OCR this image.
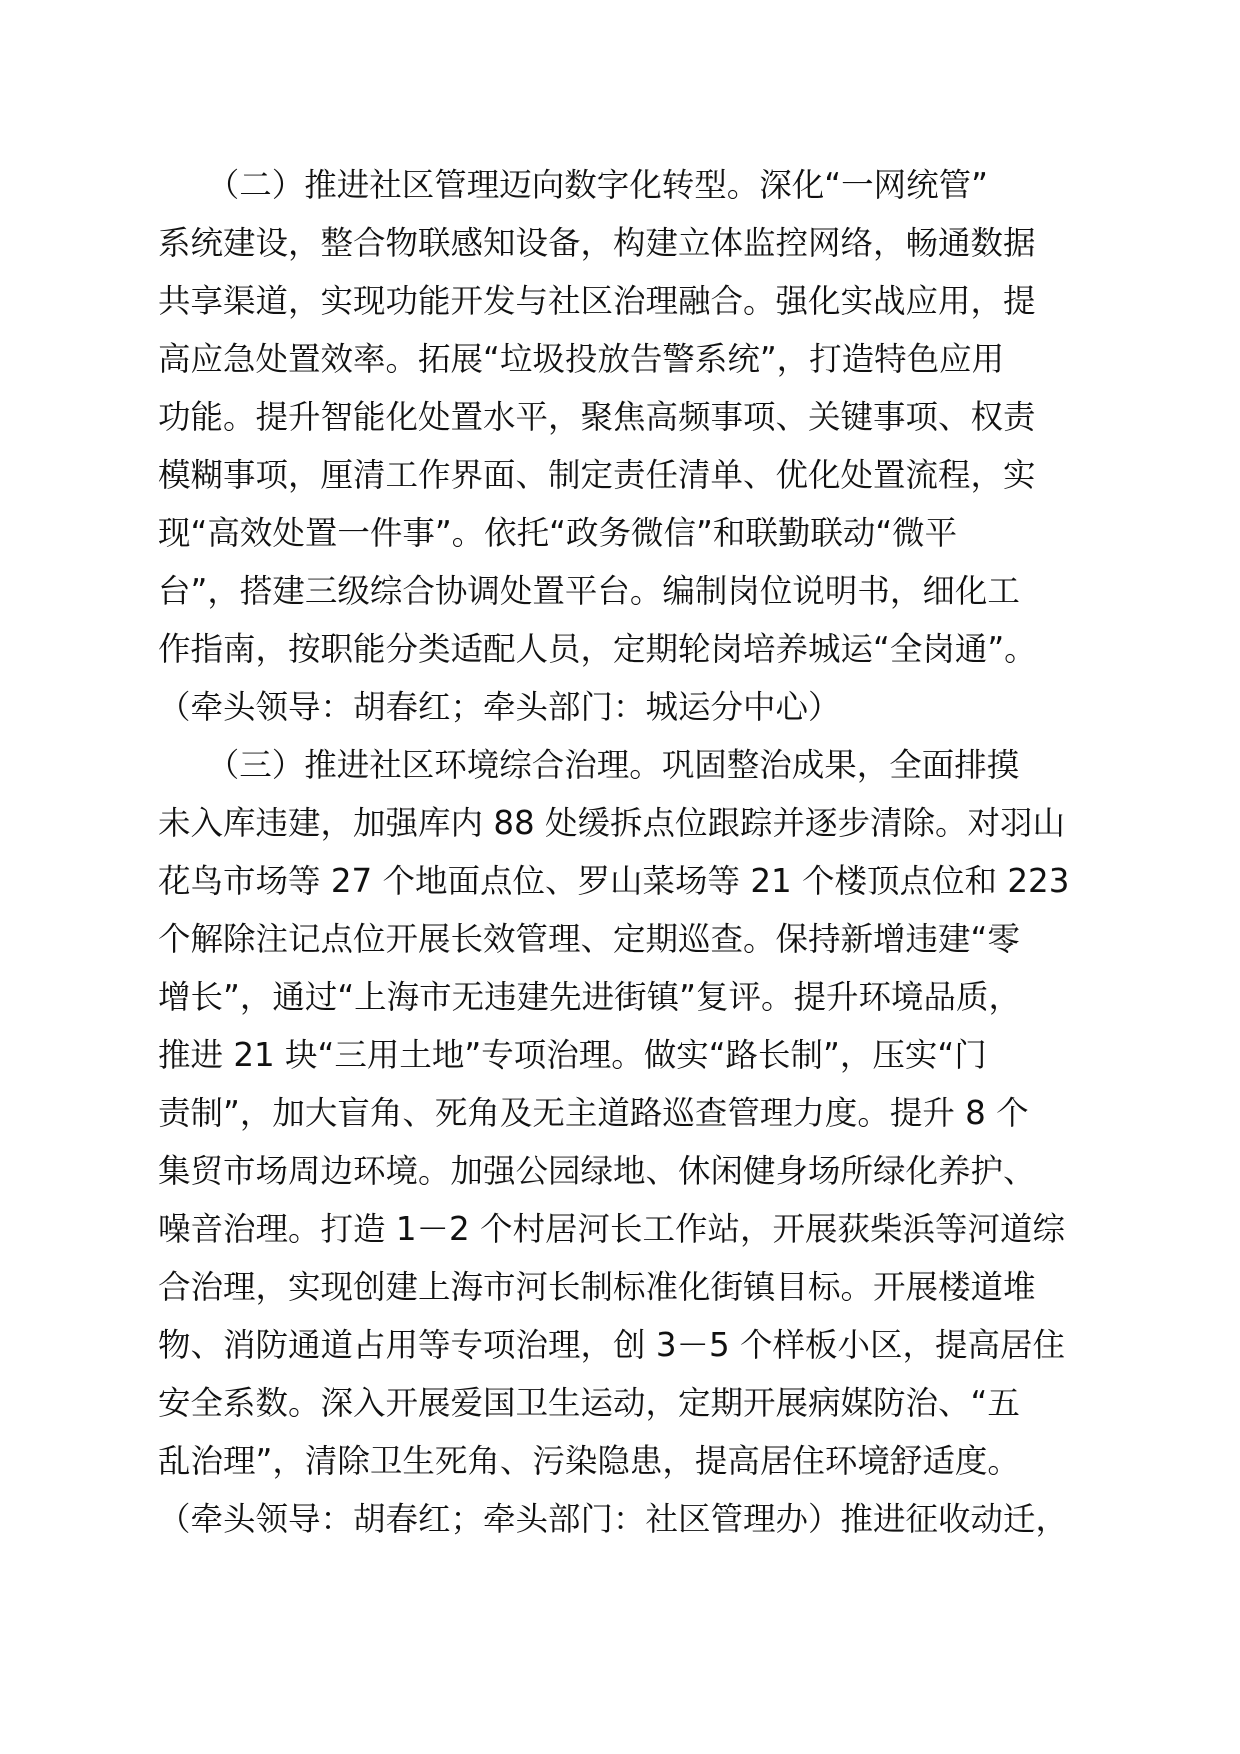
　　（二）推进社区管理迈向数字化转型。深化“一网统管”
系统建设，整合物联感知设备，构建立体监控网络，畅通数据
共享渠道，实现功能开发与社区治理融合。强化实战应用，提
高应急处置效率。拓展“垃圾投放告警系统”，打造特色应用
功能。提升智能化处置水平，聚焦高频事项、关键事项、权责
模糊事项，厘清工作界面、制定责任清单、优化处置流程，实
现“高效处置一件事”。依托“政务微信”和联勤联动“微平
台”，搭建三级综合协调处置平台。编制岗位说明书，细化工
作指南，按职能分类适配人员，定期轮岗培养城运“全岗通”。
（牵头领导：胡春红；牵头部门：城运分中心）
　　（三）推进社区环境综合治理。巩固整治成果，全面排摸
未入库违建，加强库内 88 处缓拆点位跟踪并逐步清除。对羽山
花鸟市场等 27 个地面点位、罗山菜场等 21 个楼顶点位和 223
个解除注记点位开展长效管理、定期巡查。保持新增违建“零
增长”，通过“上海市无违建先进街镇”复评。提升环境品质，
推进 21 块“三用土地”专项治理。做实“路长制”，压实“门
责制”，加大盲角、死角及无主道路巡查管理力度。提升 8 个
集贸市场周边环境。加强公园绿地、休闲健身场所绿化养护、
噪音治理。打造 1－2 个村居河长工作站，开展荻柴浜等河道综
合治理，实现创建上海市河长制标准化街镇目标。开展楼道堆
物、消防通道占用等专项治理，创 3－5 个样板小区，提高居住
安全系数。深入开展爱国卫生运动，定期开展病媒防治、“五
乱治理”，清除卫生死角、污染隐患，提高居住环境舒适度。
（牵头领导：胡春红；牵头部门：社区管理办）推进征收动迁，
